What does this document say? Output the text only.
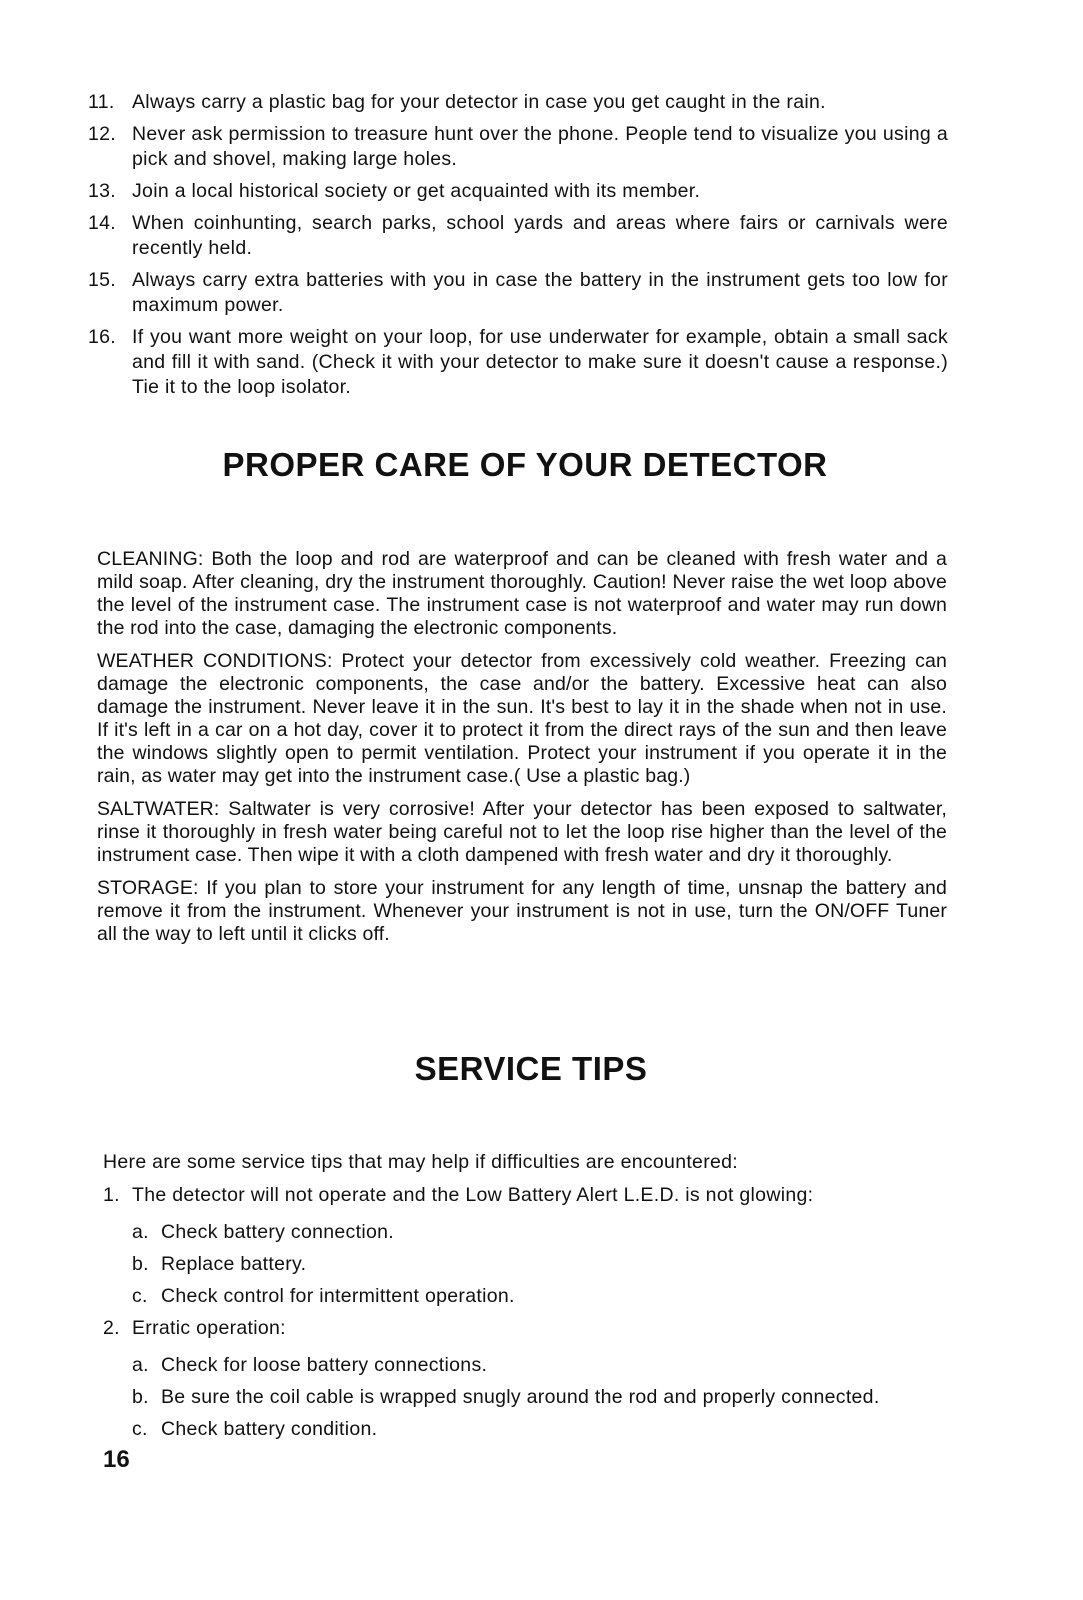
11. Always carry a plastic bag for your detector in case you get caught in the rain.
12. Never ask permission to treasure hunt over the phone. People tend to visualize you using a pick and shovel, making large holes.
13. Join a local historical society or get acquainted with its member.
14. When coinhunting, search parks, school yards and areas where fairs or carnivals were recently held.
15. Always carry extra batteries with you in case the battery in the instrument gets too low for maximum power.
16. If you want more weight on your loop, for use underwater for example, obtain a small sack and fill it with sand. (Check it with your detector to make sure it doesn't cause a response.) Tie it to the loop isolator.
PROPER CARE OF YOUR DETECTOR

CLEANING: Both the loop and rod are waterproof and can be cleaned with fresh water and a mild soap. After cleaning, dry the instrument thoroughly. Caution! Never raise the wet loop above the level of the instrument case. The instrument case is not waterproof and water may run down the rod into the case, damaging the electronic components.

WEATHER CONDITIONS: Protect your detector from excessively cold weather. Freezing can damage the electronic components, the case and/or the battery. Excessive heat can also damage the instrument. Never leave it in the sun. It's best to lay it in the shade when not in use. If it's left in a car on a hot day, cover it to protect it from the direct rays of the sun and then leave the windows slightly open to permit ventilation. Protect your instrument if you operate it in the rain, as water may get into the instrument case.( Use a plastic bag.)

SALTWATER: Saltwater is very corrosive! After your detector has been exposed to saltwater, rinse it thoroughly in fresh water being careful not to let the loop rise higher than the level of the instrument case. Then wipe it with a cloth dampened with fresh water and dry it thoroughly.

STORAGE: If you plan to store your instrument for any length of time, unsnap the battery and remove it from the instrument. Whenever your instrument is not in use, turn the ON/OFF Tuner all the way to left until it clicks off.

SERVICE TIPS

Here are some service tips that may help if difficulties are encountered:

1. The detector will not operate and the Low Battery Alert L.E.D. is not glowing:
a. Check battery connection.
b. Replace battery.
c. Check control for intermittent operation.
2. Erratic operation:
a. Check for loose battery connections.
b. Be sure the coil cable is wrapped snugly around the rod and properly connected.
c. Check battery condition.
16
